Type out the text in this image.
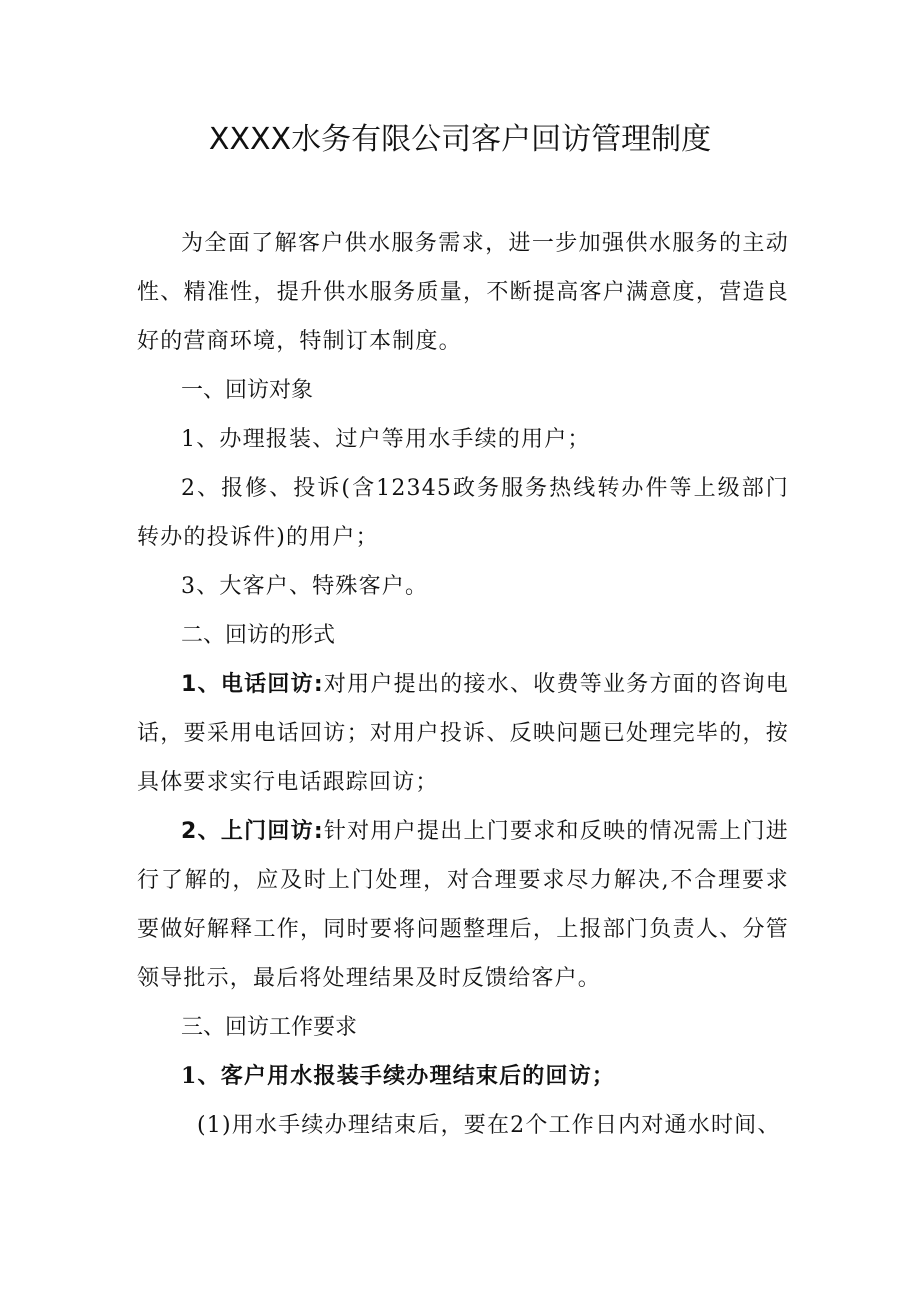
XXXX水务有限公司客户回访管理制度

为全面了解客户供水服务需求，进一步加强供水服务的主动性、精准性，提升供水服务质量，不断提高客户满意度，营造良好的营商环境，特制订本制度。

一、回访对象

1、办理报装、过户等用水手续的用户；

2、报修、投诉(含12345政务服务热线转办件等上级部门转办的投诉件)的用户；

3、大客户、特殊客户。

二、回访的形式

1、电话回访:对用户提出的接水、收费等业务方面的咨询电话，要采用电话回访；对用户投诉、反映问题已处理完毕的，按具体要求实行电话跟踪回访；

2、上门回访:针对用户提出上门要求和反映的情况需上门进行了解的，应及时上门处理，对合理要求尽力解决,不合理要求要做好解释工作，同时要将问题整理后，上报部门负责人、分管领导批示，最后将处理结果及时反馈给客户。

三、回访工作要求

1、客户用水报装手续办理结束后的回访；

(1)用水手续办理结束后，要在2个工作日内对通水时间、
